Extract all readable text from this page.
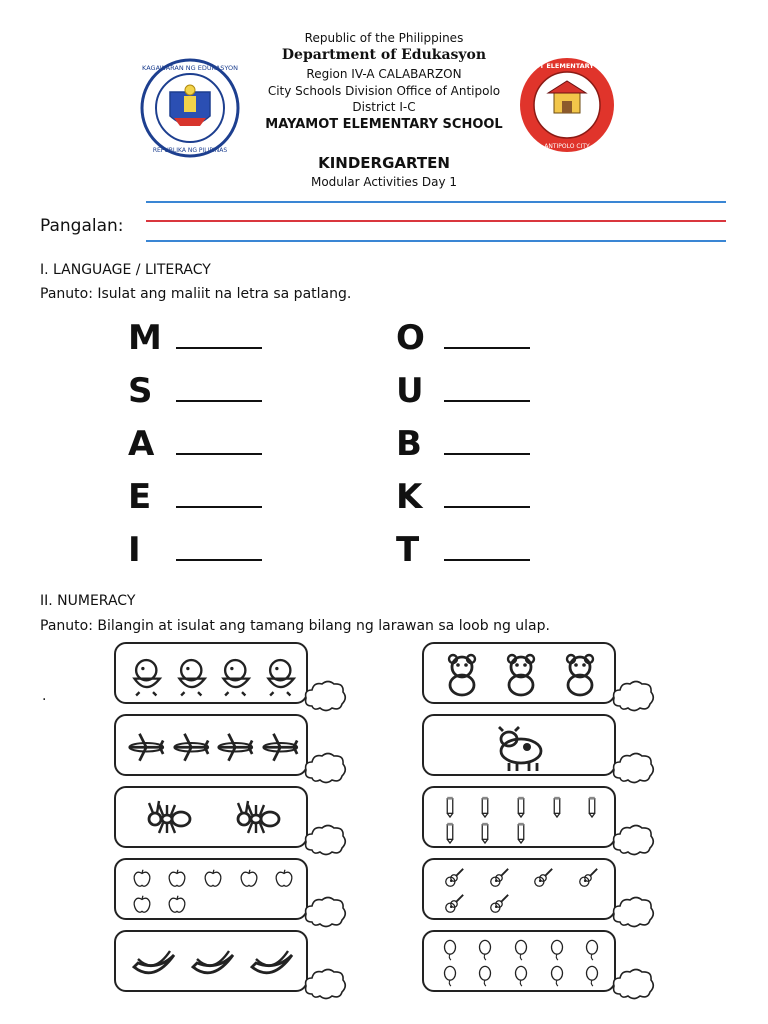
KAGAWARAN NG EDUKASYON
REPUBLIKA NG PILIPINAS
MAYAMOT ELEMENTARY SCHOOL
ANTIPOLO CITY
Republic of the Philippines
Department of Edukasyon
Region IV-A CALABARZON
City Schools Division Office of Antipolo
District I-C
MAYAMOT ELEMENTARY SCHOOL
KINDERGARTEN
Modular Activities Day 1
Pangalan:
I. LANGUAGE / LITERACY
Panuto: Isulat ang maliit na letra sa patlang.
M
S
A
E
I
O
U
B
K
T
II. NUMERACY
Panuto: Bilangin at isulat ang tamang bilang ng larawan sa loob ng ulap.
.
